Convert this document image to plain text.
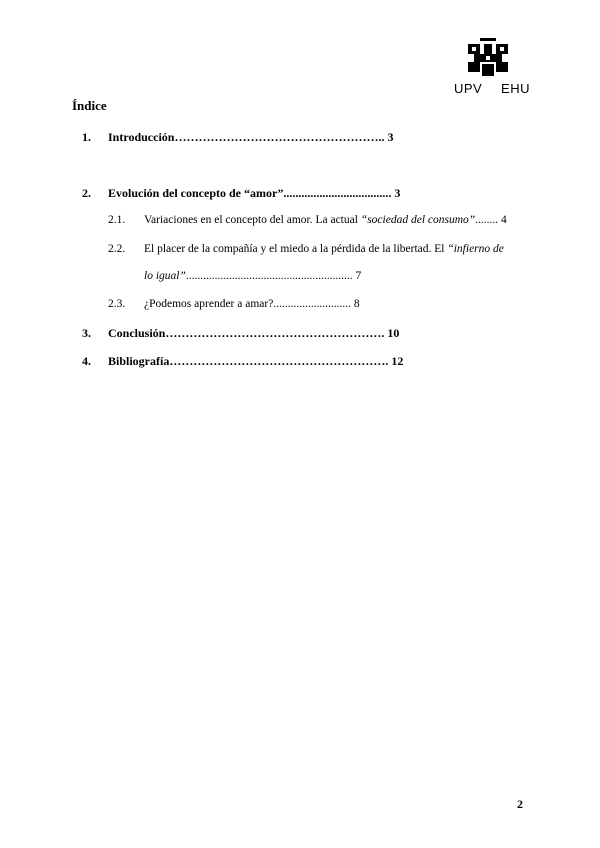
UPV EHU
Índice
1. Introducción…………………………………………….. 3
2. Evolución del concepto de “amor”.................................... 3
2.1. Variaciones en el concepto del amor. La actual “sociedad del consumo”........ 4
2.2. El placer de la compañía y el miedo a la pérdida de la libertad. El “infierno de
lo igual”.......................................................... 7
2.3. ¿Podemos aprender a amar?........................... 8
3. Conclusión………………………………………………. 10
4. Bibliografía………………………………………………. 12
2
